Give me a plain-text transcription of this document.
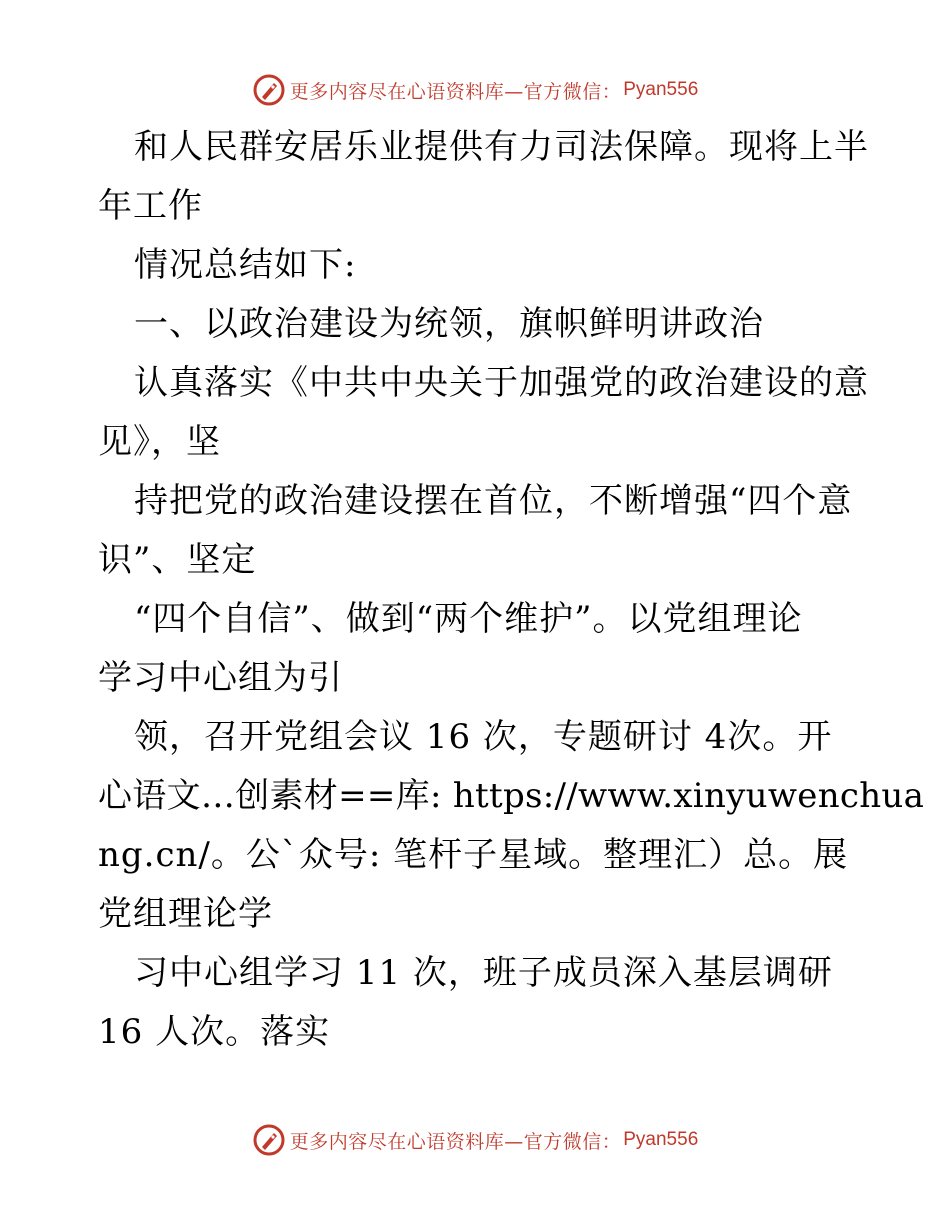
更多内容尽在心语资料库—官方微信： Pyan556
和人民群安居乐业提供有力司法保障。现将上半
年工作
情况总结如下:
一、以政治建设为统领，旗帜鲜明讲政治
认真落实《中共中央关于加强党的政治建设的意
见》，坚
持把党的政治建设摆在首位，不断增强“四个意
识”、坚定
“四个自信”、做到“两个维护”。以党组理论
学习中心组为引
领，召开党组会议 16 次，专题研讨 4次。开
心语文…创素材==库: https://www.xinyuwenchua
ng.cn/。公`众号: 笔杆子星域。整理汇）总。展
党组理论学
习中心组学习 11 次，班子成员深入基层调研
16 人次。落实
更多内容尽在心语资料库—官方微信： Pyan556
